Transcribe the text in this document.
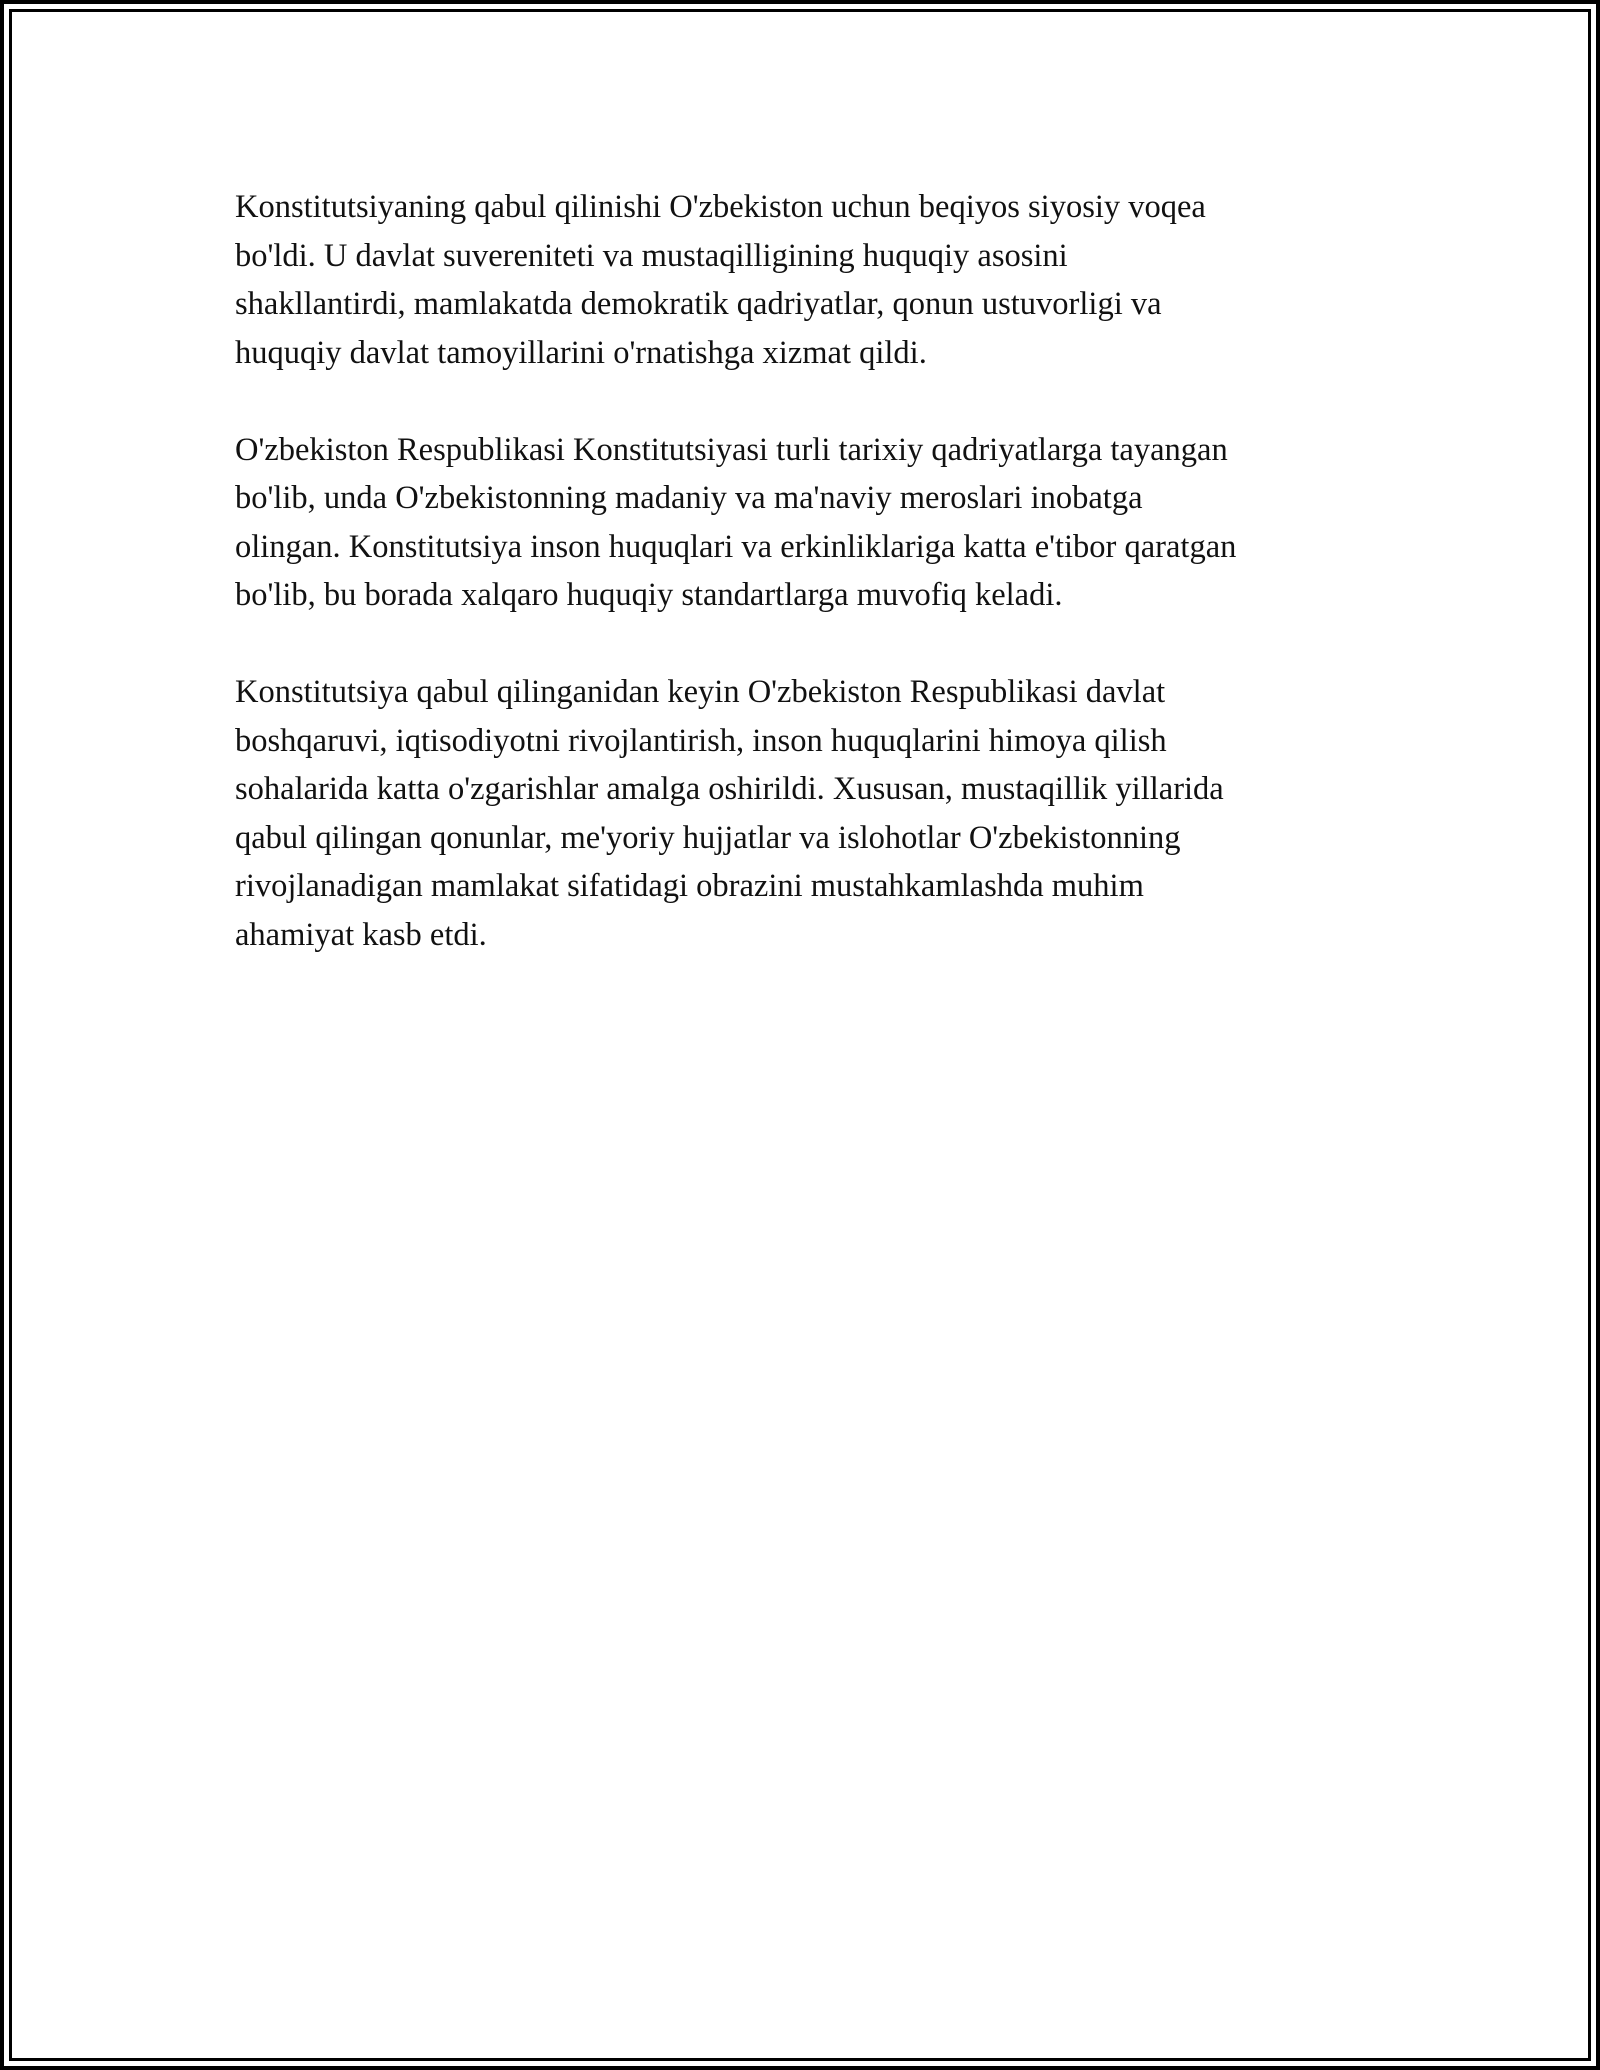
Konstitutsiyaning qabul qilinishi O'zbekiston uchun beqiyos siyosiy voqea
bo'ldi. U davlat suvereniteti va mustaqilligining huquqiy asosini
shakllantirdi, mamlakatda demokratik qadriyatlar, qonun ustuvorligi va
huquqiy davlat tamoyillarini o'rnatishga xizmat qildi.

O'zbekiston Respublikasi Konstitutsiyasi turli tarixiy qadriyatlarga tayangan
bo'lib, unda O'zbekistonning madaniy va ma'naviy meroslari inobatga
olingan. Konstitutsiya inson huquqlari va erkinliklariga katta e'tibor qaratgan
bo'lib, bu borada xalqaro huquqiy standartlarga muvofiq keladi.

Konstitutsiya qabul qilinganidan keyin O'zbekiston Respublikasi davlat
boshqaruvi, iqtisodiyotni rivojlantirish, inson huquqlarini himoya qilish
sohalarida katta o'zgarishlar amalga oshirildi. Xususan, mustaqillik yillarida
qabul qilingan qonunlar, me'yoriy hujjatlar va islohotlar O'zbekistonning
rivojlanadigan mamlakat sifatidagi obrazini mustahkamlashda muhim
ahamiyat kasb etdi.
